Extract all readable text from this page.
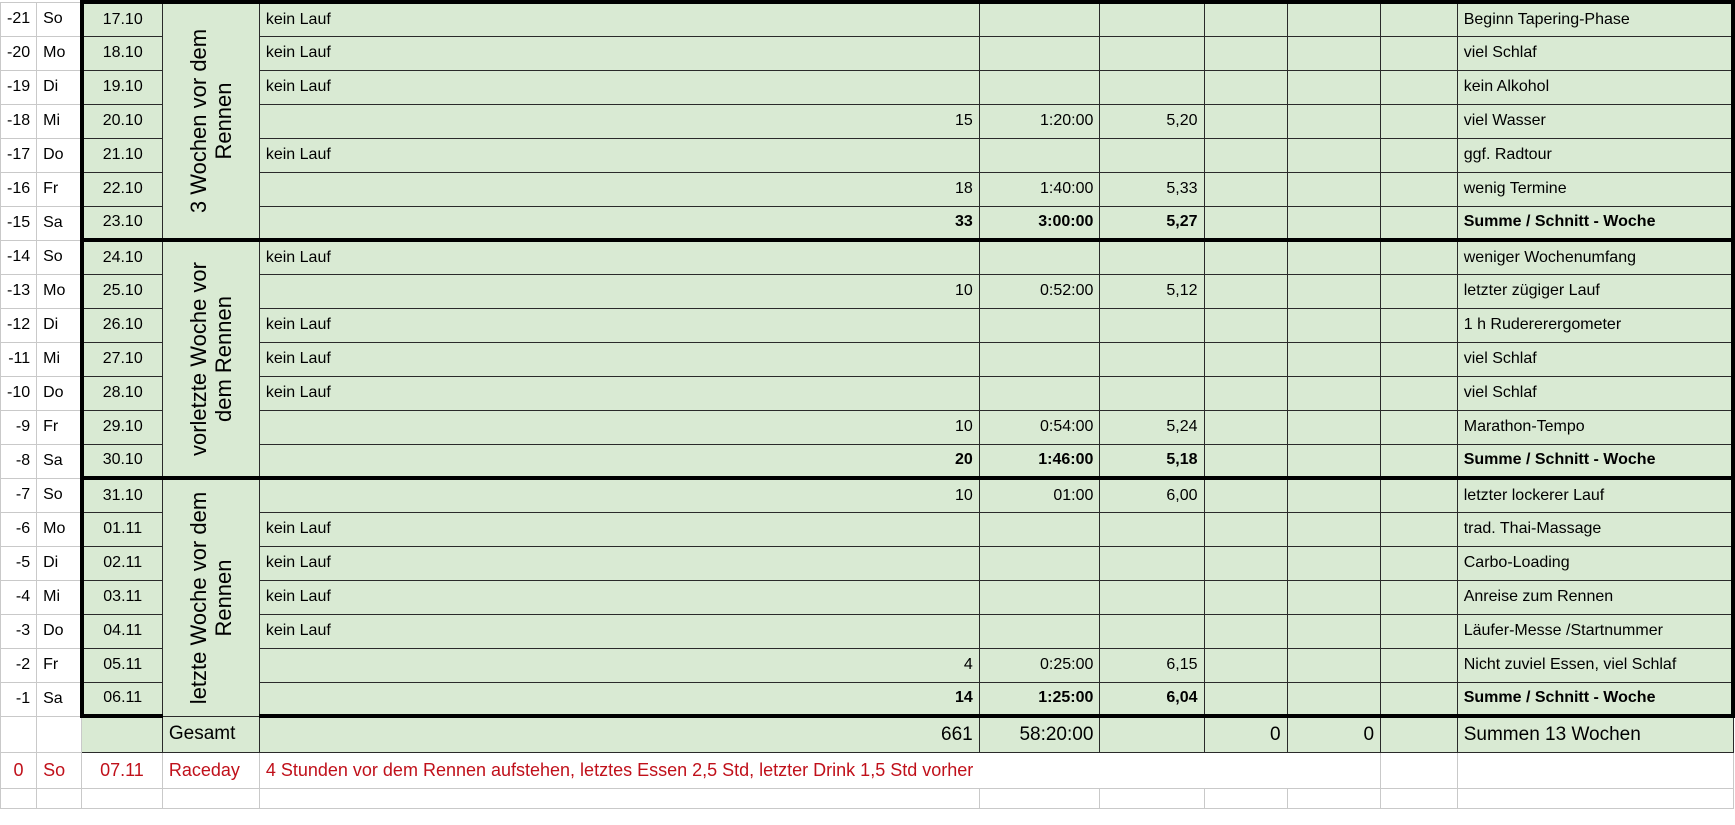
-21	So	17.10	3 Wochen vor dem Rennen	kein Lauf						Beginn Tapering-Phase
-20	Mo	18.10		kein Lauf						viel Schlaf
-19	Di	19.10		kein Lauf						kein Alkohol
-18	Mi	20.10		15	1:20:00	5,20				viel Wasser
-17	Do	21.10		kein Lauf						ggf. Radtour
-16	Fr	22.10		18	1:40:00	5,33				wenig Termine
-15	Sa	23.10		33	3:00:00	5,27				Summe / Schnitt - Woche
-14	So	24.10	vorletzte Woche vor dem Rennen	kein Lauf						weniger Wochenumfang
-13	Mo	25.10		10	0:52:00	5,12				letzter zügiger Lauf
-12	Di	26.10		kein Lauf						1 h Rudererergometer
-11	Mi	27.10		kein Lauf						viel Schlaf
-10	Do	28.10		kein Lauf						viel Schlaf
-9	Fr	29.10		10	0:54:00	5,24				Marathon-Tempo
-8	Sa	30.10		20	1:46:00	5,18				Summe / Schnitt - Woche
-7	So	31.10	letzte Woche vor dem Rennen	10	01:00	6,00				letzter lockerer Lauf
-6	Mo	01.11		kein Lauf						trad. Thai-Massage
-5	Di	02.11		kein Lauf						Carbo-Loading
-4	Mi	03.11		kein Lauf						Anreise zum Rennen
-3	Do	04.11		kein Lauf						Läufer-Messe /Startnummer
-2	Fr	05.11		4	0:25:00	6,15				Nicht zuviel Essen, viel Schlaf
-1	Sa	06.11		14	1:25:00	6,04				Summe / Schnitt - Woche
			Gesamt	661	58:20:00		0	0		Summen 13 Wochen
0	So	07.11	Raceday	4 Stunden vor dem Rennen aufstehen, letztes Essen 2,5 Std, letzter Drink 1,5 Std vorher						
